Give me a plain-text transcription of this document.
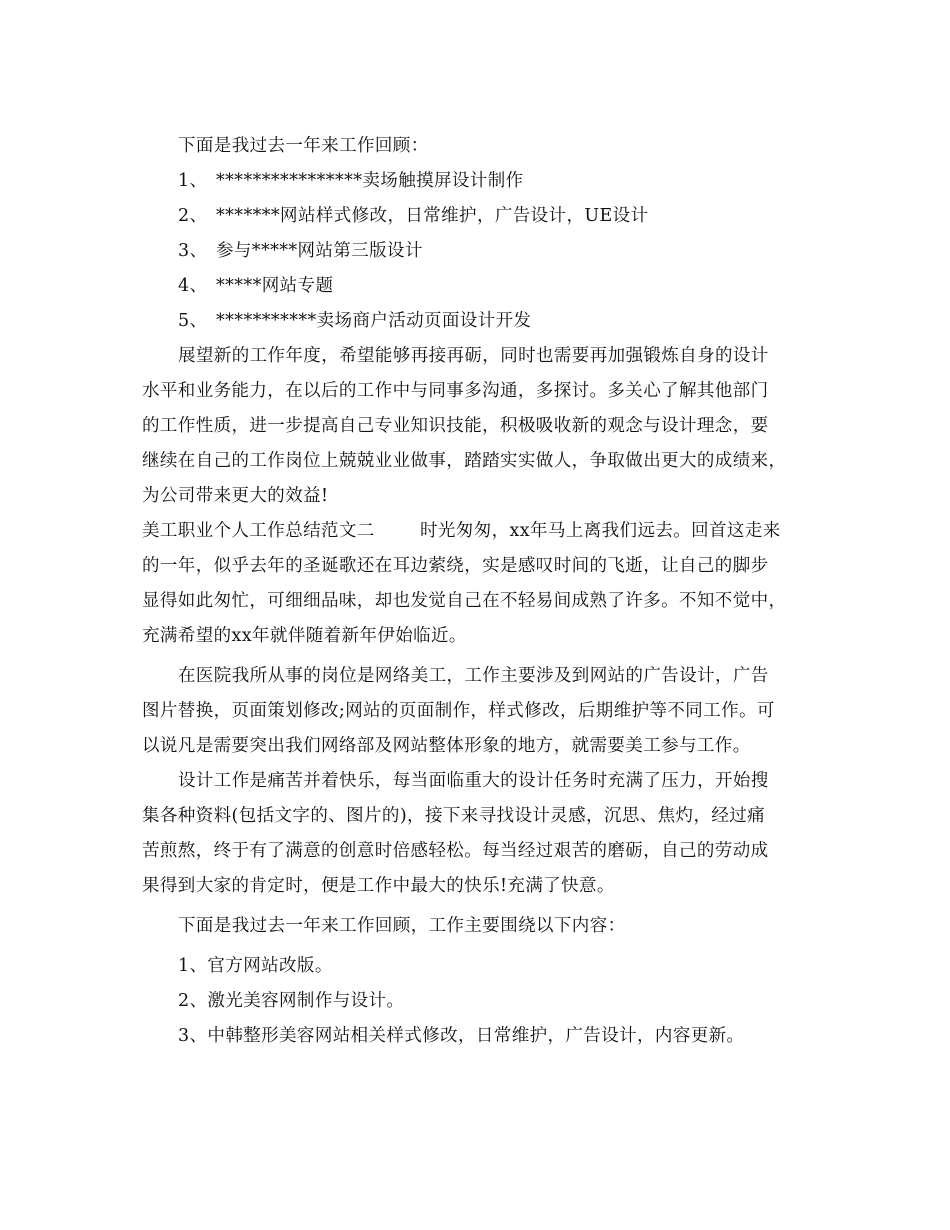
下面是我过去一年来工作回顾：
1、 ****************卖场触摸屏设计制作
2、 *******网站样式修改，日常维护，广告设计，UE设计
3、 参与*****网站第三版设计
4、 *****网站专题
5、 ***********卖场商户活动页面设计开发
展望新的工作年度，希望能够再接再砺，同时也需要再加强锻炼自身的设计
水平和业务能力，在以后的工作中与同事多沟通，多探讨。多关心了解其他部门
的工作性质，进一步提高自己专业知识技能，积极吸收新的观念与设计理念，要
继续在自己的工作岗位上兢兢业业做事，踏踏实实做人，争取做出更大的成绩来，
为公司带来更大的效益!
美工职业个人工作总结范文二	时光匆匆，xx年马上离我们远去。回首这走来
的一年，似乎去年的圣诞歌还在耳边萦绕，实是感叹时间的飞逝，让自己的脚步
显得如此匆忙，可细细品味，却也发觉自己在不轻易间成熟了许多。不知不觉中，
充满希望的xx年就伴随着新年伊始临近。
在医院我所从事的岗位是网络美工，工作主要涉及到网站的广告设计，广告
图片替换，页面策划修改;网站的页面制作，样式修改，后期维护等不同工作。可
以说凡是需要突出我们网络部及网站整体形象的地方，就需要美工参与工作。
设计工作是痛苦并着快乐，每当面临重大的设计任务时充满了压力，开始搜
集各种资料(包括文字的、图片的)，接下来寻找设计灵感，沉思、焦灼，经过痛
苦煎熬，终于有了满意的创意时倍感轻松。每当经过艰苦的磨砺，自己的劳动成
果得到大家的肯定时，便是工作中最大的快乐!充满了快意。
下面是我过去一年来工作回顾，工作主要围绕以下内容：
1、官方网站改版。
2、激光美容网制作与设计。
3、中韩整形美容网站相关样式修改，日常维护，广告设计，内容更新。
